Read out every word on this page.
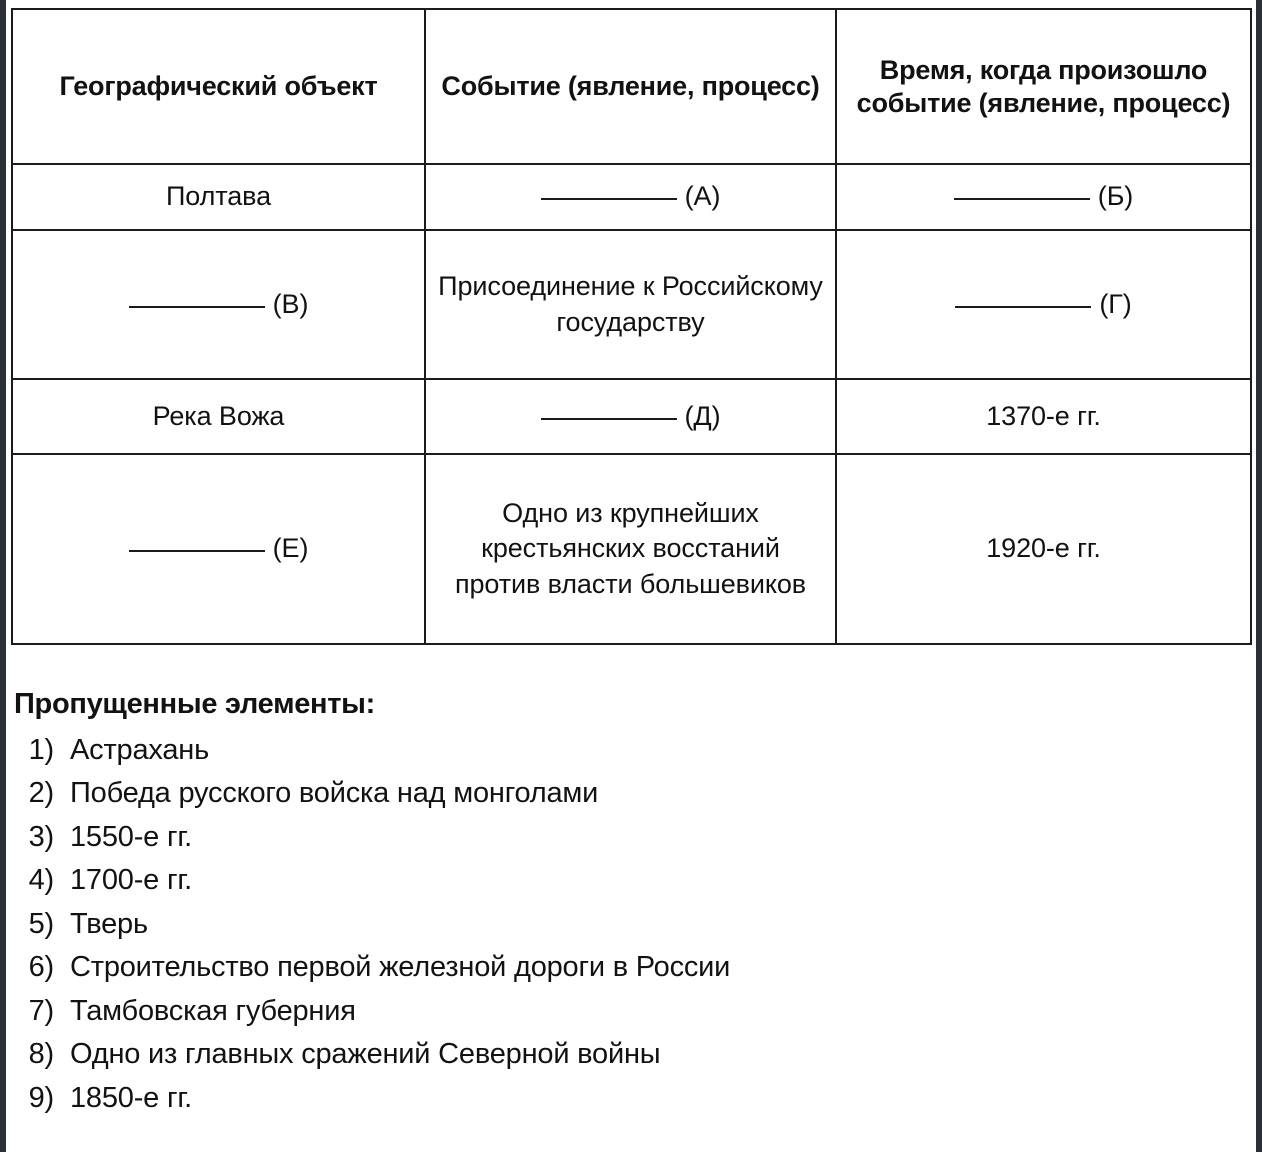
Географический объект	Событие (явление, процесс)	Время, когда произошло событие (явление, процесс)
Полтава	(А)	(Б)
(В)	Присоединение к Российскому государству	(Г)
Река Вожа	(Д)	1370-е гг.
(Е)	Одно из крупнейших крестьянских восстаний против власти большевиков	1920-е гг.
Пропущенные элементы:
1) Астрахань
2) Победа русского войска над монголами
3) 1550-е гг.
4) 1700-е гг.
5) Тверь
6) Строительство первой железной дороги в России
7) Тамбовская губерния
8) Одно из главных сражений Северной войны
9) 1850-е гг.
